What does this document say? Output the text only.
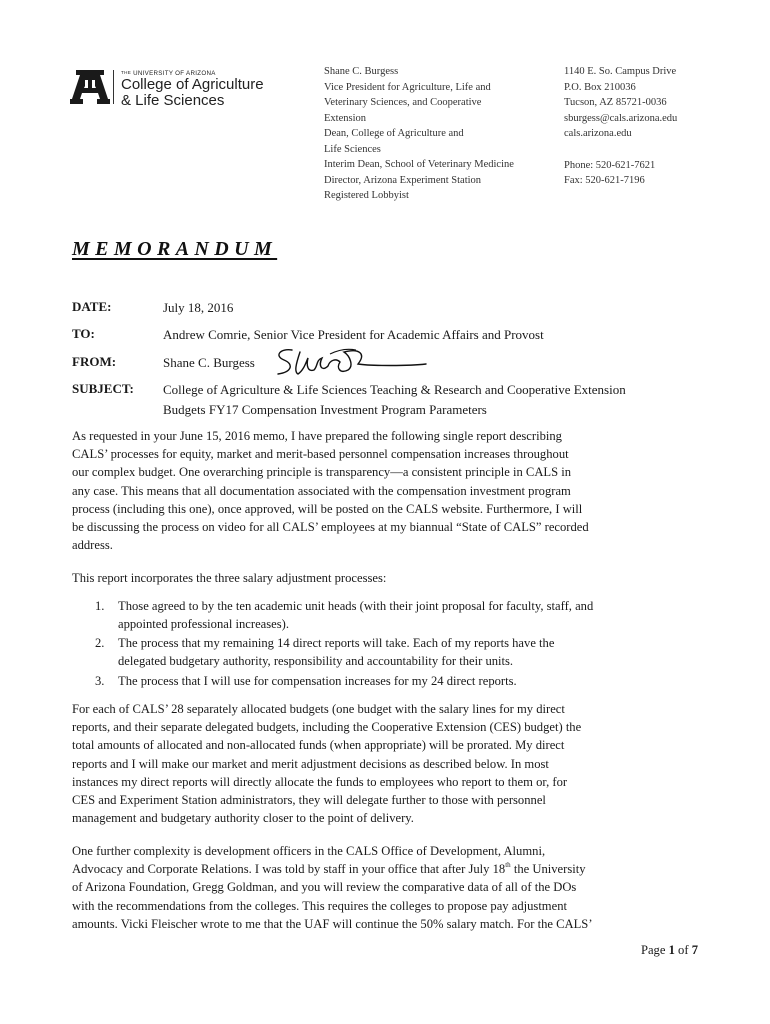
THE UNIVERSITY OF ARIZONA
College of Agriculture
& Life Sciences
Shane C. Burgess
Vice President for Agriculture, Life and
Veterinary Sciences, and Cooperative
Extension
Dean, College of Agriculture and
Life Sciences
Interim Dean, School of Veterinary Medicine
Director, Arizona Experiment Station
Registered Lobbyist
1140 E. So. Campus Drive
P.O. Box 210036
Tucson, AZ 85721-0036
sburgess@cals.arizona.edu
cals.arizona.edu
Phone: 520-621-7621
Fax: 520-621-7196
MEMORANDUM
DATE:	July 18, 2016
TO:	Andrew Comrie, Senior Vice President for Academic Affairs and Provost
FROM:	Shane C. Burgess
SUBJECT: College of Agriculture & Life Sciences Teaching & Research and Cooperative Extension
Budgets FY17 Compensation Investment Program Parameters
As requested in your June 15, 2016 memo, I have prepared the following single report describing
CALS’ processes for equity, market and merit-based personnel compensation increases throughout
our complex budget. One overarching principle is transparency—a consistent principle in CALS in
any case. This means that all documentation associated with the compensation investment program
process (including this one), once approved, will be posted on the CALS website. Furthermore, I will
be discussing the process on video for all CALS’ employees at my biannual “State of CALS” recorded
address.
This report incorporates the three salary adjustment processes:
1. Those agreed to by the ten academic unit heads (with their joint proposal for faculty, staff, and
appointed professional increases).
2. The process that my remaining 14 direct reports will take. Each of my reports have the
delegated budgetary authority, responsibility and accountability for their units.
3. The process that I will use for compensation increases for my 24 direct reports.
For each of CALS’ 28 separately allocated budgets (one budget with the salary lines for my direct
reports, and their separate delegated budgets, including the Cooperative Extension (CES) budget) the
total amounts of allocated and non-allocated funds (when appropriate) will be prorated. My direct
reports and I will make our market and merit adjustment decisions as described below. In most
instances my direct reports will directly allocate the funds to employees who report to them or, for
CES and Experiment Station administrators, they will delegate further to those with personnel
management and budgetary authority closer to the point of delivery.
One further complexity is development officers in the CALS Office of Development, Alumni,
Advocacy and Corporate Relations. I was told by staff in your office that after July 18th the University
of Arizona Foundation, Gregg Goldman, and you will review the comparative data of all of the DOs
with the recommendations from the colleges. This requires the colleges to propose pay adjustment
amounts. Vicki Fleischer wrote to me that the UAF will continue the 50% salary match. For the CALS’
Page 1 of 7
